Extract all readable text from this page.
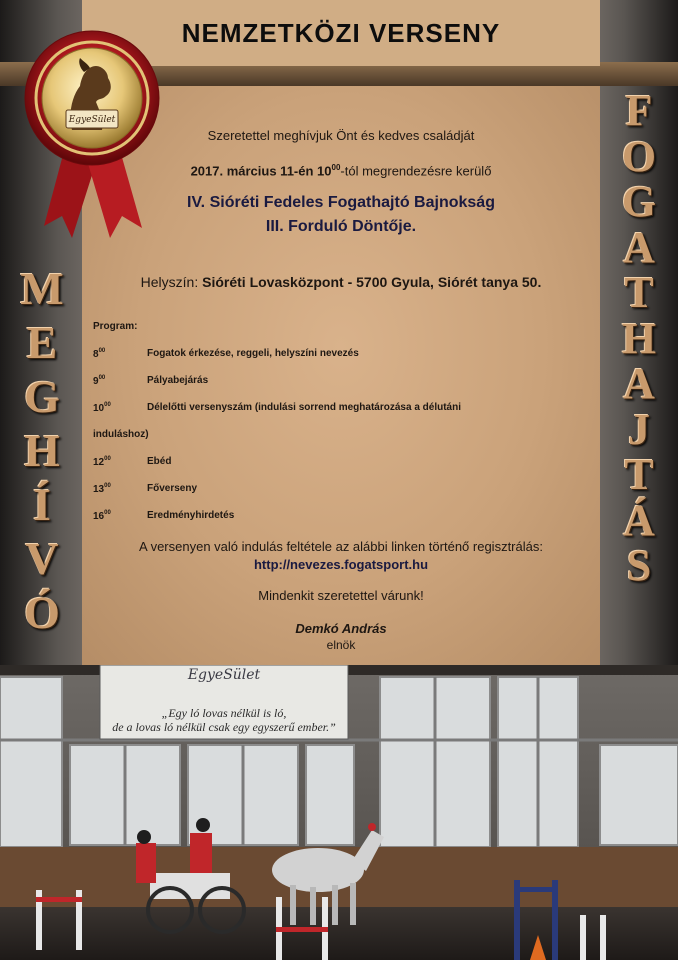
NEMZETKÖZI VERSENY
Szeretettel meghívjuk Önt és kedves családját
2017. március 11-én $10^{00}$-tól megrendezésre kerülő
IV. Sióréti Fedeles Fogathajtó Bajnokság
III. Forduló Döntője.
Helyszín: Sióréti Lovasközpont - 5700 Gyula, Siórét tanya 50.
Program:
$8^{00}$	Fogatok érkezése, reggeli, helyszíni nevezés
$9^{00}$	Pályabejárás
$10^{00}$	Délelőtti versenyszám (indulási sorrend meghatározása a délutáni
induláshoz)
$12^{00}$	Ebéd
$13^{00}$	Főverseny
$16^{00}$	Eredményhirdetés
A versenyen való indulás feltétele az alábbi linken történő regisztrálás:
http://nevezes.fogatsport.hu
Mindenkit szeretettel várunk!
Demkó András
elnök
M
E
G
H
Í
V
Ó
F
O
G
A
T
H
A
J
T
Á
S
EgyeSület
EgyeSület
„Egy ló lovas nélkül is ló,
de a lovas ló nélkül csak egy egyszerű ember.”
